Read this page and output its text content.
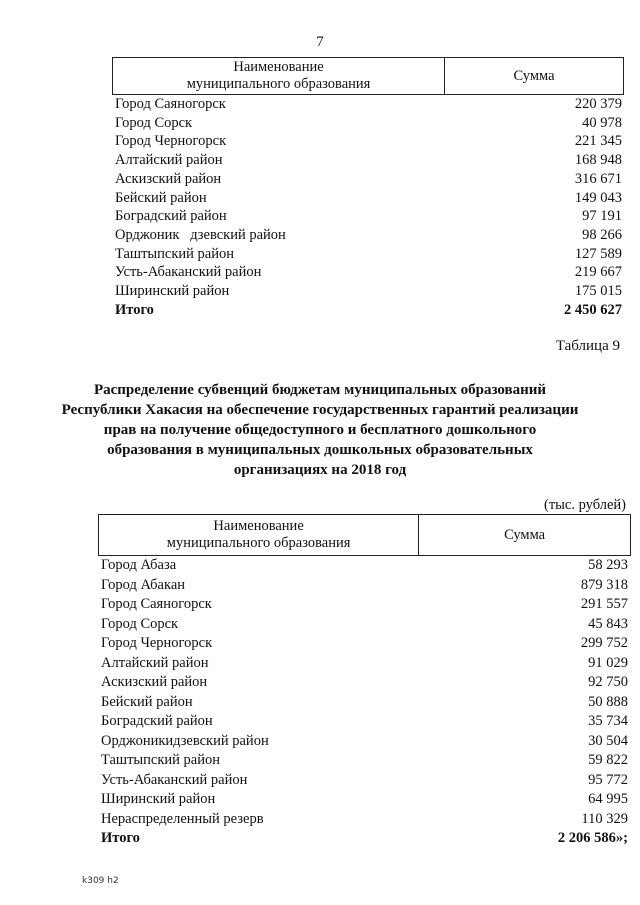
7
Наименование
муниципального образования
Сумма
Город Саяногорск	220 379
Город Сорск	40 978
Город Черногорск	221 345
Алтайский район	168 948
Аскизский район	316 671
Бейский район	149 043
Боградский район	97 191
Орджоник   дзевский район	98 266
Таштыпский район	127 589
Усть-Абаканский район	219 667
Ширинский район	175 015
Итого	2 450 627
Таблица 9
Распределение субвенций бюджетам муниципальных образований Республики Хакасия на обеспечение государственных гарантий реализации прав на получение общедоступного и бесплатного дошкольного образования в муниципальных дошкольных образовательных организациях на 2018 год
(тыс. рублей)
Наименование
муниципального образования
Сумма
Город Абаза	58 293
Город Абакан	879 318
Город Саяногорск	291 557
Город Сорск	45 843
Город Черногорск	299 752
Алтайский район	91 029
Аскизский район	92 750
Бейский район	50 888
Боградский район	35 734
Орджоникидзевский район	30 504
Таштыпский район	59 822
Усть-Абаканский район	95 772
Ширинский район	64 995
Нераспределенный резерв	110 329
Итого	2 206 586»;
k309 h2
